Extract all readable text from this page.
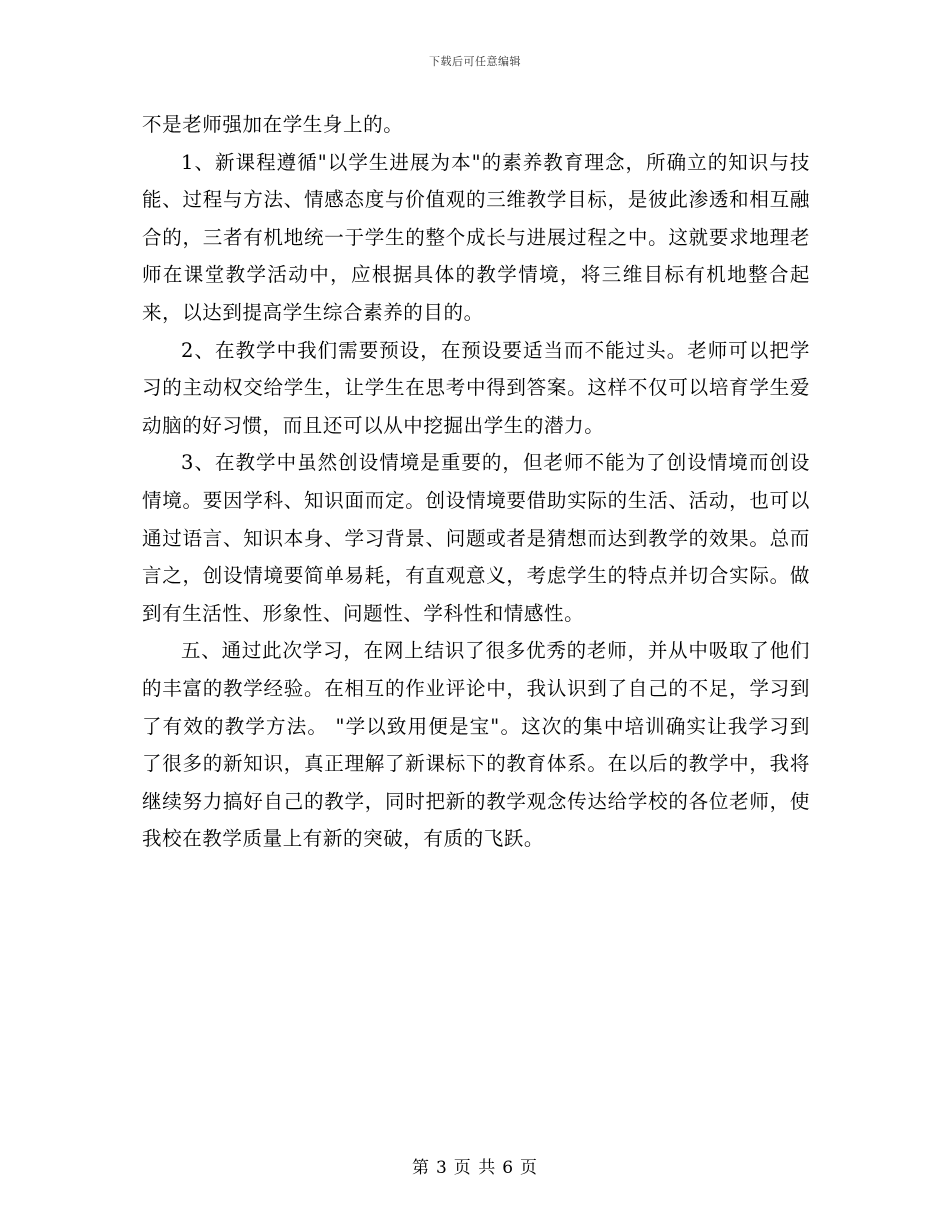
下载后可任意编辑

不是老师强加在学生身上的。

1、新课程遵循"以学生进展为本"的素养教育理念，所确立的知识与技能、过程与方法、情感态度与价值观的三维教学目标，是彼此渗透和相互融合的，三者有机地统一于学生的整个成长与进展过程之中。这就要求地理老师在课堂教学活动中，应根据具体的教学情境，将三维目标有机地整合起来，以达到提高学生综合素养的目的。

2、在教学中我们需要预设，在预设要适当而不能过头。老师可以把学习的主动权交给学生，让学生在思考中得到答案。这样不仅可以培育学生爱动脑的好习惯，而且还可以从中挖掘出学生的潜力。

3、在教学中虽然创设情境是重要的，但老师不能为了创设情境而创设情境。要因学科、知识面而定。创设情境要借助实际的生活、活动，也可以通过语言、知识本身、学习背景、问题或者是猜想而达到教学的效果。总而言之，创设情境要简单易耗，有直观意义，考虑学生的特点并切合实际。做到有生活性、形象性、问题性、学科性和情感性。

五、通过此次学习，在网上结识了很多优秀的老师，并从中吸取了他们的丰富的教学经验。在相互的作业评论中，我认识到了自己的不足，学习到了有效的教学方法。 "学以致用便是宝"。这次的集中培训确实让我学习到了很多的新知识，真正理解了新课标下的教育体系。在以后的教学中，我将继续努力搞好自己的教学，同时把新的教学观念传达给学校的各位老师，使我校在教学质量上有新的突破，有质的飞跃。

第 3 页 共 6 页
